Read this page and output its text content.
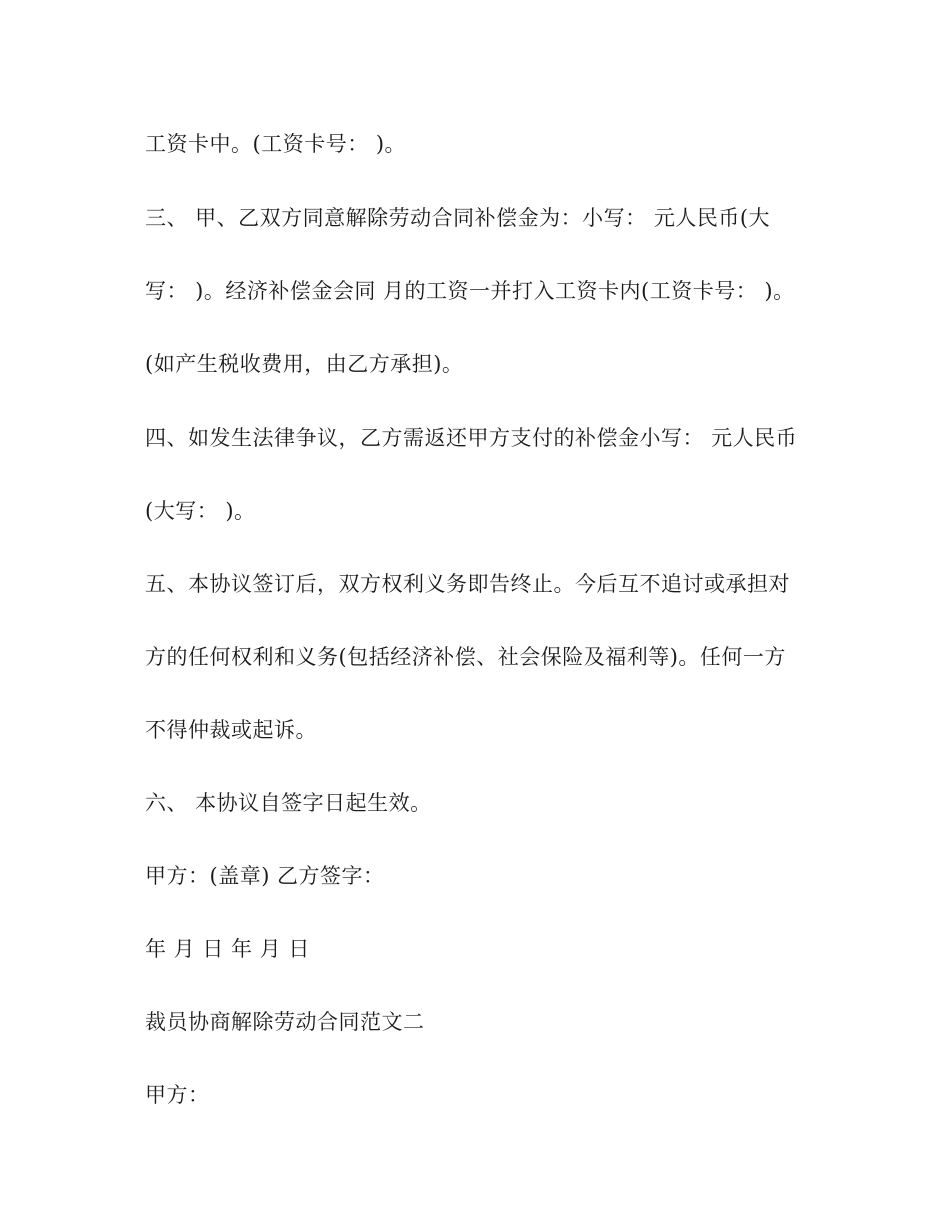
工资卡中。(工资卡号： )。

三、 甲、乙双方同意解除劳动合同补偿金为：小写： 元人民币(大

写： )。经济补偿金会同 月的工资一并打入工资卡内(工资卡号： )。

(如产生税收费用，由乙方承担)。

四、如发生法律争议，乙方需返还甲方支付的补偿金小写： 元人民币

(大写： )。

五、本协议签订后，双方权利义务即告终止。今后互不追讨或承担对

方的任何权利和义务(包括经济补偿、社会保险及福利等)。任何一方

不得仲裁或起诉。

六、 本协议自签字日起生效。

甲方：(盖章) 乙方签字：

年 月 日 年 月 日

裁员协商解除劳动合同范文二

甲方：
